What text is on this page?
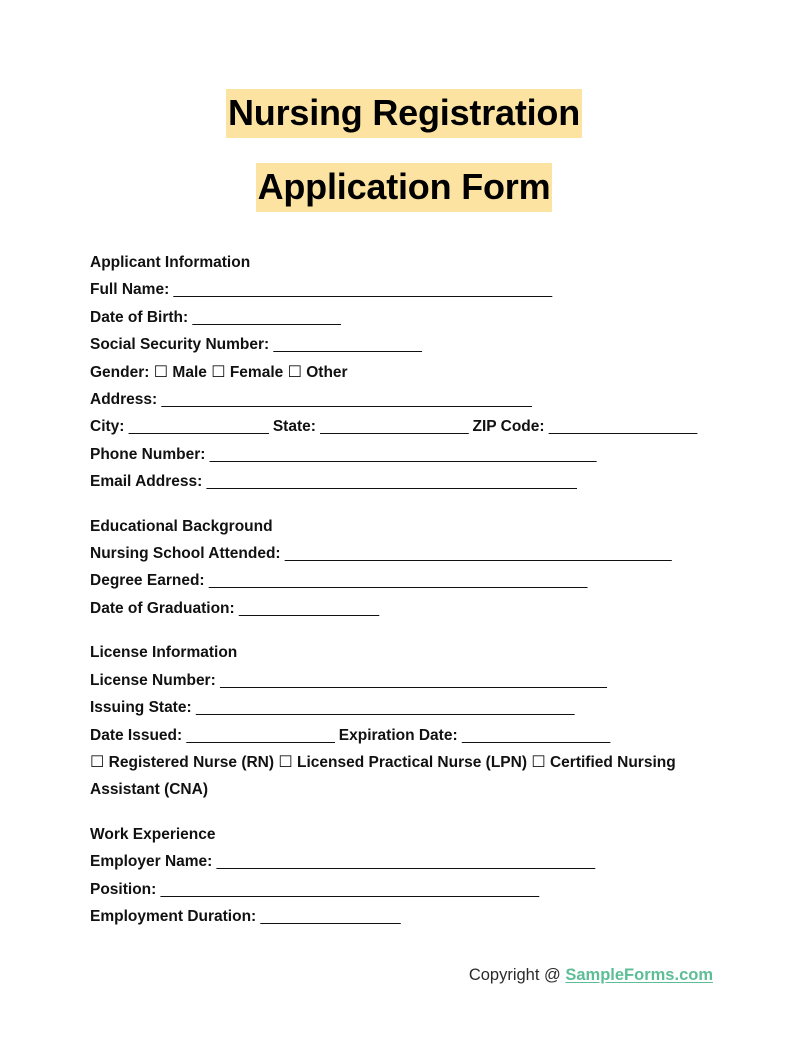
Nursing Registration
Application Form
Applicant Information
Full Name: ______________________________________________
Date of Birth: __________________
Social Security Number: __________________
Gender: ☐ Male ☐ Female ☐ Other
Address: _____________________________________________
City: _________________ State: __________________ ZIP Code: __________________
Phone Number: _______________________________________________
Email Address: _____________________________________________

Educational Background
Nursing School Attended: _______________________________________________
Degree Earned: ______________________________________________
Date of Graduation: _________________

License Information
License Number: _______________________________________________
Issuing State: ______________________________________________
Date Issued: __________________ Expiration Date: __________________
☐ Registered Nurse (RN) ☐ Licensed Practical Nurse (LPN) ☐ Certified Nursing Assistant (CNA)

Work Experience
Employer Name: ______________________________________________
Position: ______________________________________________
Employment Duration: _________________
Copyright @ SampleForms.com
